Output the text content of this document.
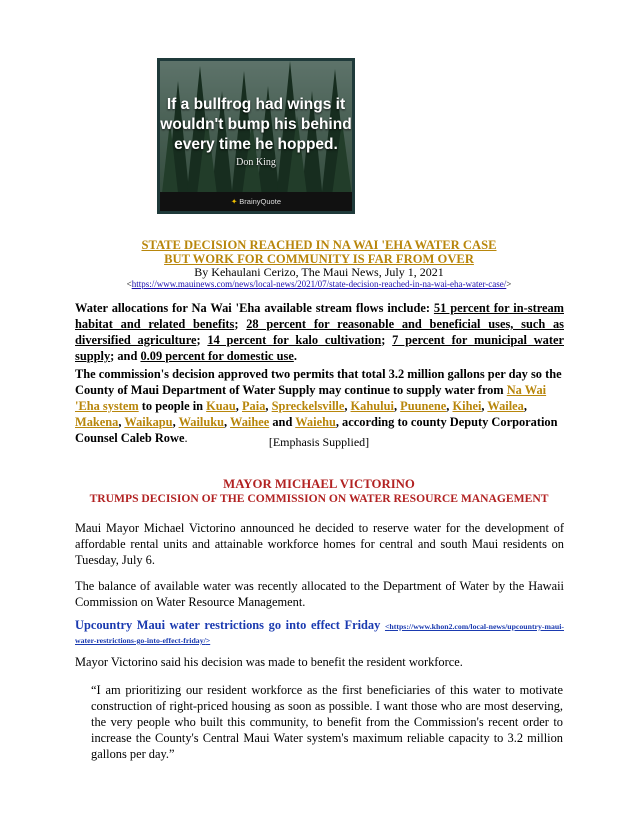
If a bullfrog had wings it
wouldn't bump his behind
every time he hopped.
Don King
✦ BrainyQuote
STATE DECISION REACHED IN NA WAI 'EHA WATER CASE
BUT WORK FOR COMMUNITY IS FAR FROM OVER
By Kehaulani Cerizo, The Maui News, July 1, 2021
<https://www.mauinews.com/news/local-news/2021/07/state-decision-reached-in-na-wai-eha-water-case/>
Water allocations for Na Wai 'Eha available stream flows include: 51 percent for in-stream habitat and related benefits; 28 percent for reasonable and beneficial uses, such as diversified agriculture; 14 percent for kalo cultivation; 7 percent for municipal water supply; and 0.09 percent for domestic use.
The commission's decision approved two permits that total 3.2 million gallons per day so the County of Maui Department of Water Supply may continue to supply water from Na Wai 'Eha system to people in Kuau, Paia, Spreckelsville, Kahului, Puunene, Kihei, Wailea, Makena, Waikapu, Wailuku, Waihee and Waiehu, according to county Deputy Corporation Counsel Caleb Rowe.	[Emphasis Supplied]
MAYOR MICHAEL VICTORINO
TRUMPS DECISION OF THE COMMISSION ON WATER RESOURCE MANAGEMENT
Maui Mayor Michael Victorino announced he decided to reserve water for the development of affordable rental units and attainable workforce homes for central and south Maui residents on Tuesday, July 6.
The balance of available water was recently allocated to the Department of Water by the Hawaii Commission on Water Resource Management.
Upcountry Maui water restrictions go into effect Friday <https://www.khon2.com/local-news/upcountry-maui-water-restrictions-go-into-effect-friday/>
Mayor Victorino said his decision was made to benefit the resident workforce.
“I am prioritizing our resident workforce as the first beneficiaries of this water to motivate construction of right-priced housing as soon as possible. I want those who are most deserving, the very people who built this community, to benefit from the Commission's recent order to increase the County's Central Maui Water system's maximum reliable capacity to 3.2 million gallons per day.”
